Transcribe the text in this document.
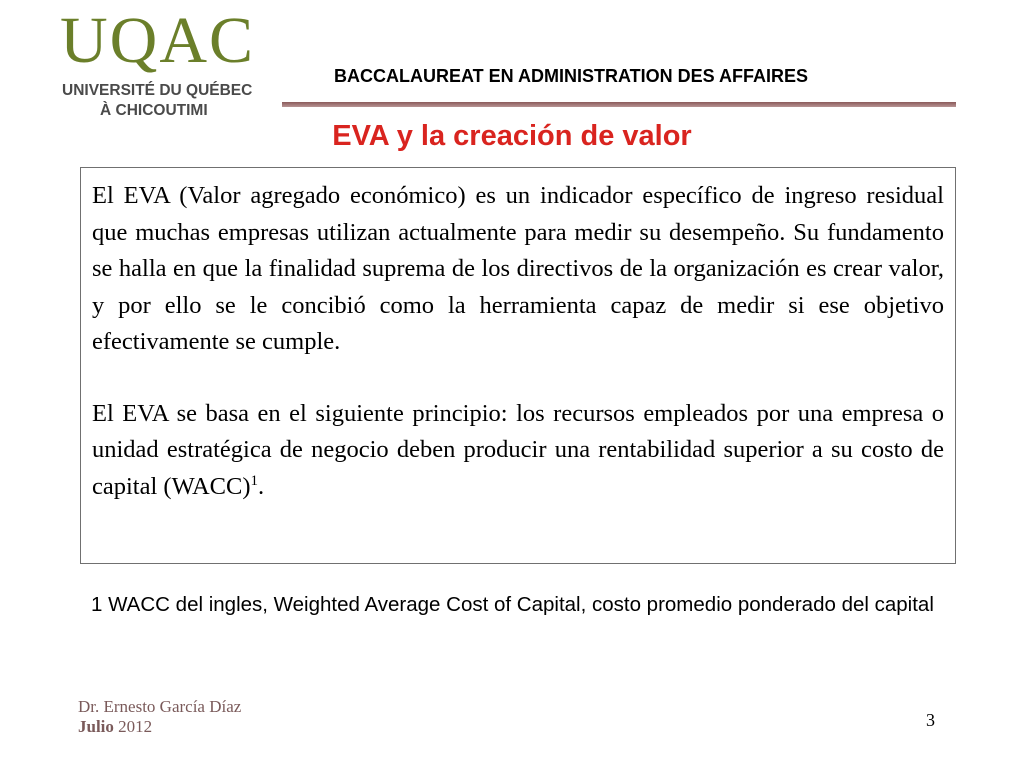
UQAC
UNIVERSITÉ DU QUÉBEC
À CHICOUTIMI
BACCALAUREAT EN ADMINISTRATION DES AFFAIRES
EVA y la creación de valor

El EVA (Valor agregado económico) es un indicador específico de ingreso residual que muchas empresas utilizan actualmente para medir su desempeño. Su fundamento se halla en que la finalidad suprema de los directivos de la organización es crear valor, y por ello se le concibió como la herramienta capaz de medir si ese objetivo efectivamente se cumple.

El EVA se basa en el siguiente principio: los recursos empleados por una empresa o unidad estratégica de negocio deben producir una rentabilidad superior a su costo de capital (WACC)$^1$.

1 WACC del ingles, Weighted Average Cost of Capital, costo promedio ponderado del capital
Dr. Ernesto García Díaz
Julio 2012	3
